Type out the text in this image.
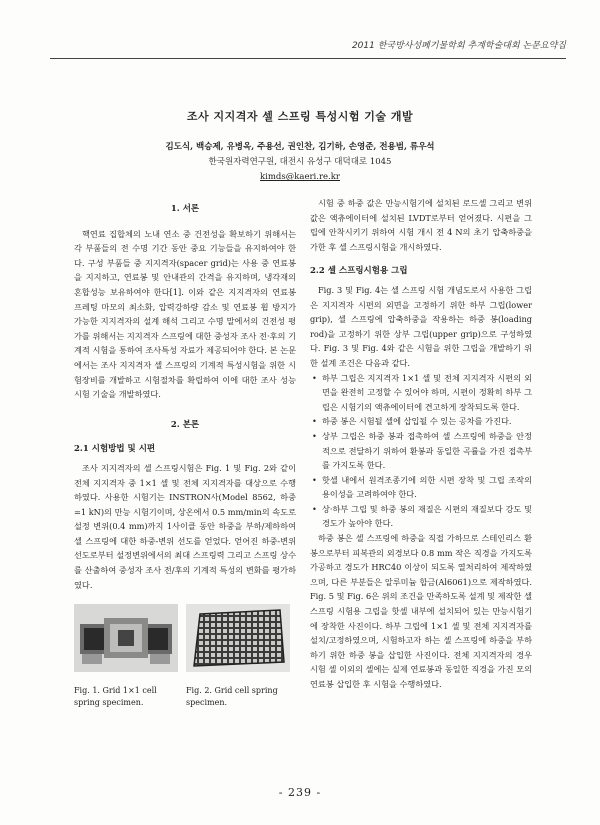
2011 한국방사성폐기물학회 추계학술대회 논문요약집
조사 지지격자 셀 스프링 특성시험 기술 개발
김도식, 백승제, 유병옥, 주용선, 권인찬, 김기하, 손영준, 전용범, 류우석
한국원자력연구원, 대전시 유성구 대덕대로 1045
kimds@kaeri.re.kr
1. 서론

핵연료 집합체의 노내 연소 중 건전성을 확보하기 위해서는 각 부품들의 전 수명 기간 동안 중요 기능들을 유지하여야 한다. 구성 부품들 중 지지격자(spacer grid)는 사용 중 연료봉을 지지하고, 연료봉 및 안내관의 간격을 유지하며, 냉각재의 혼합성능 보유하여야 한다[1]. 이와 같은 지지격자의 연료봉 프레팅 마모의 최소화, 압력강하량 감소 및 연료봉 휨 방지가 가능한 지지격자의 설계 해석 그리고 수명 말에서의 건전성 평가를 위해서는 지지격자 스프링에 대한 중성자 조사 전·후의 기계적 시험을 통하여 조사특성 자료가 제공되어야 한다. 본 논문에서는 조사 지지격자 셀 스프링의 기계적 특성시험을 위한 시험장비를 개발하고 시험절차를 확립하여 이에 대한 조사 성능시험 기술을 개발하였다.

2. 본론
2.1 시험방법 및 시편

조사 지지격자의 셀 스프링시험은 Fig. 1 및 Fig. 2와 같이 전체 지지격자 중 1×1 셀 및 전체 지지격자를 대상으로 수행하였다. 사용한 시험기는 INSTRON사(Model 8562, 하중=1 kN)의 만능 시험기이며, 상온에서 0.5 mm/min의 속도로 설정 변위(0.4 mm)까지 1사이클 동안 하중을 부하/제하하여 셀 스프링에 대한 하중-변위 선도를 얻었다. 얻어진 하중-변위 선도로부터 설정변위에서의 최대 스프링력 그리고 스프링 상수를 산출하여 중성자 조사 전/후의 기계적 특성의 변화를 평가하였다.

Fig. 1. Grid 1×1 cell spring specimen.
Fig. 2. Grid cell spring specimen.

시험 중 하중 값은 만능시험기에 설치된 로드셀 그리고 변위 값은 액츄에이터에 설치된 LVDT로부터 얻어졌다. 시편을 그립에 안착시키기 위하여 시험 개시 전 4 N의 초기 압축하중을 가한 후 셀 스프링시험을 개시하였다.

2.2 셀 스프링시험용 그립

Fig. 3 및 Fig. 4는 셀 스프링 시험 개념도로서 사용한 그립은 지지격자 시편의 외면을 고정하기 위한 하부 그립(lower grip), 셀 스프링에 압축하중을 작용하는 하중 봉(loading rod)을 고정하기 위한 상부 그립(upper grip)으로 구성하였다. Fig. 3 및 Fig. 4와 같은 시험을 위한 그립을 개발하기 위한 설계 조건은 다음과 같다.

• 하부 그립은 지지격자 1×1 셀 및 전체 지지격자 시편의 외면을 완전히 고정할 수 있어야 하며, 시편이 정확히 하부 그립은 시험기의 액츄에이터에 견고하게 장착되도록 한다.
• 하중 봉은 시험될 셀에 삽입될 수 있는 공차를 가진다.
• 상부 그립은 하중 봉과 접촉하여 셀 스프링에 하중을 안정적으로 전달하기 위하여 환봉과 동일한 곡률을 가진 접촉부를 가지도록 한다.
• 핫셀 내에서 원격조종기에 의한 시편 장착 및 그립 조작의 용이성을 고려하여야 한다.
• 상·하부 그립 및 하중 봉의 재질은 시편의 재질보다 강도 및 경도가 높아야 한다.

하중 봉은 셀 스프링에 하중을 직접 가하므로 스테인리스 환봉으로부터 피복관의 외경보다 0.8 mm 작은 직경을 가지도록 가공하고 경도가 HRC40 이상이 되도록 열처리하여 제작하였으며, 다른 부분들은 알루미늄 합금(Al6061)으로 제작하였다. Fig. 5 및 Fig. 6은 위의 조건을 만족하도록 설계 및 제작한 셀 스프링 시험용 그립을 핫셀 내부에 설치되어 있는 만능시험기에 장착한 사진이다. 하부 그립에 1×1 셀 및 전체 지지격자를 설치/고정하였으며, 시험하고자 하는 셀 스프링에 하중을 부하하기 위한 하중 봉을 삽입한 사진이다. 전체 지지격자의 경우 시험 셀 이외의 셀에는 실제 연료봉과 동일한 직경을 가진 모의 연료봉 삽입한 후 시험을 수행하였다.

- 239 -
